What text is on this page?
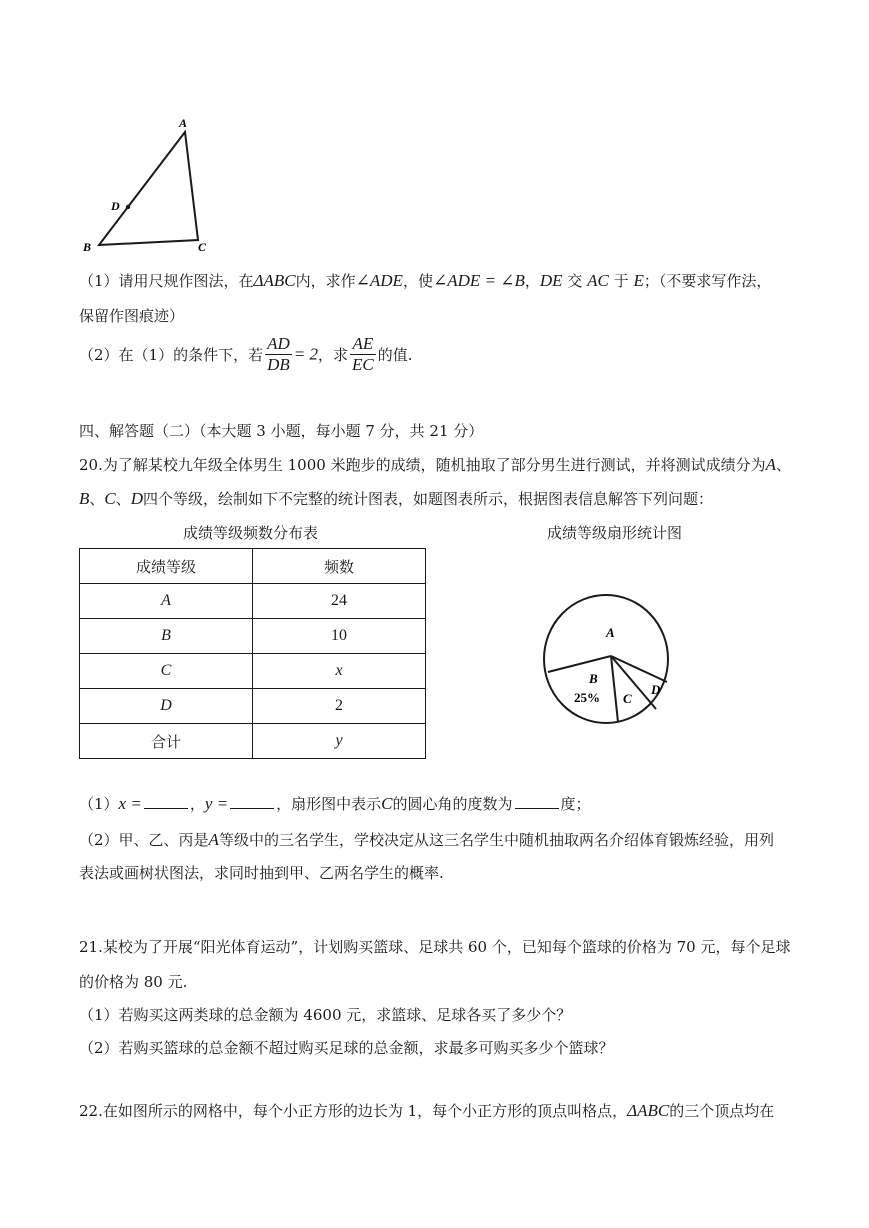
A
B	C
D
（1）请用尺规作图法，在ΔABC内，求作∠ADE，使∠ADE = ∠B，DE 交 AC 于 E；（不要求写作法，
保留作图痕迹）
（2）在（1）的条件下，若 $\frac{AD}{DB} = 2$，求 $\frac{AE}{EC}$ 的值.
四、解答题（二）（本大题 3 小题，每小题 7 分，共 21 分）
20.为了解某校九年级全体男生 1000 米跑步的成绩，随机抽取了部分男生进行测试，并将测试成绩分为A、
B、C、D四个等级，绘制如下不完整的统计图表，如题图表所示，根据图表信息解答下列问题：
成绩等级频数分布表	成绩等级扇形统计图
成绩等级	频数
A	24
B	10
C	x
D	2
合计	y
A
B
25% C
D
（1）x =	，y =	，扇形图中表示C的圆心角的度数为	度；
（2）甲、乙、丙是A等级中的三名学生，学校决定从这三名学生中随机抽取两名介绍体育锻炼经验，用列
表法或画树状图法，求同时抽到甲、乙两名学生的概率.
21.某校为了开展“阳光体育运动”，计划购买篮球、足球共 60 个，已知每个篮球的价格为 70 元，每个足球
的价格为 80 元.
（1）若购买这两类球的总金额为 4600 元，求篮球、足球各买了多少个？
（2）若购买篮球的总金额不超过购买足球的总金额，求最多可购买多少个篮球？
22.在如图所示的网格中，每个小正方形的边长为 1，每个小正方形的顶点叫格点，ΔABC的三个顶点均在
